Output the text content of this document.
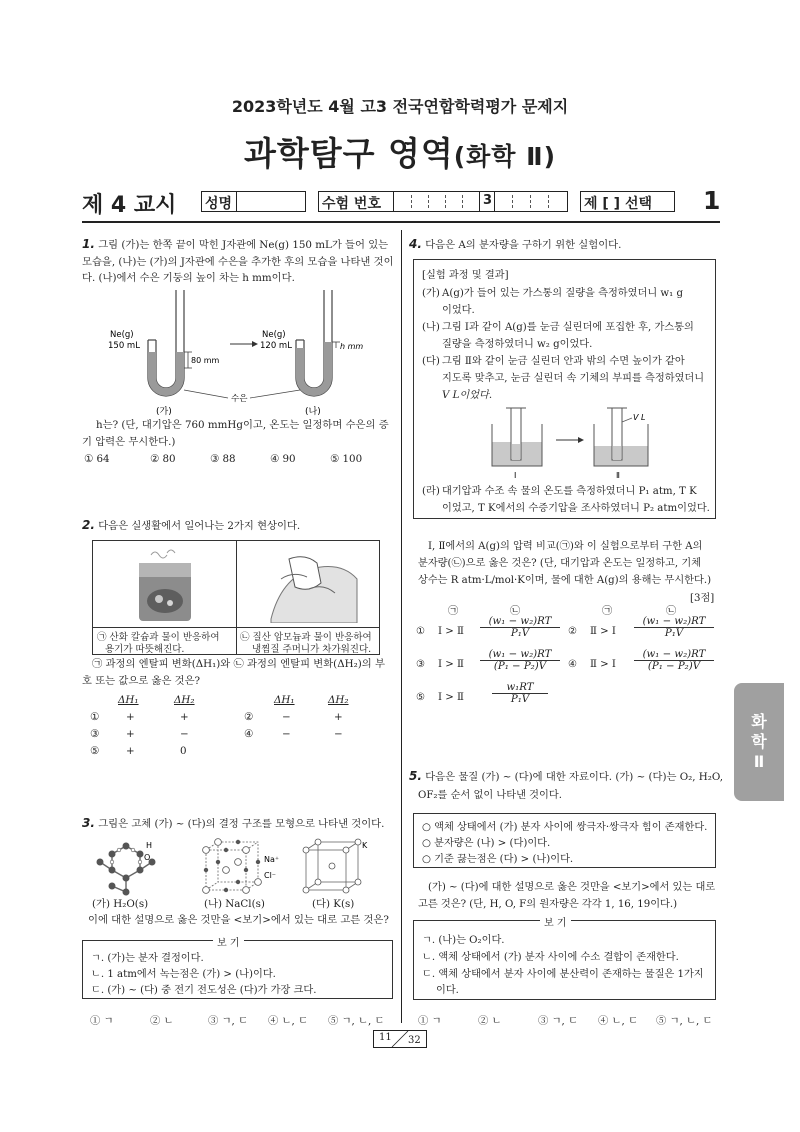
2023학년도 4월 고3 전국연합학력평가 문제지
과학탐구 영역(화학 Ⅱ)
제 4 교시 성명	수험 번호	3	제 [ ] 선택 1
1. 그림 (가)는 한쪽 끝이 막힌 J자관에 Ne(g) 150 mL가 들어 있는 모습을, (나)는 (가)의 J자관에 수은을 추가한 후의 모습을 나타낸 것이다. (나)에서 수은 기둥의 높이 차는 h mm이다.
Ne(g)
150 mL
80 mm
Ne(g)
120 mL	h mm
수은
(가)	(나)
h는? (단, 대기압은 760 mmHg이고, 온도는 일정하며 수은의 증기 압력은 무시한다.)
① 64	② 80	③ 88	④ 90	⑤ 100
2. 다음은 실생활에서 일어나는 2가지 현상이다.
㉠ 산화 칼슘과 물이 반응하여
용기가 따뜻해진다.
㉡ 질산 암모늄과 물이 반응하여
냉찜질 주머니가 차가워진다.
㉠ 과정의 엔탈피 변화(ΔH₁)와 ㉡ 과정의 엔탈피 변화(ΔH₂)의 부호 또는 값으로 옳은 것은?
ΔH₁	ΔH₂	ΔH₁	ΔH₂
①	+	+	②	−	+
③	+	−	④	−	−
⑤	+	0
3. 그림은 고체 (가) ~ (다)의 결정 구조를 모형으로 나타낸 것이다.
H
O	Na⁺
Cl⁻
K
(가) H₂O(s)	(나) NaCl(s)	(다) K(s)
이에 대한 설명으로 옳은 것만을 <보기>에서 있는 대로 고른 것은?
보 기
ㄱ. (가)는 분자 결정이다.
ㄴ. 1 atm에서 녹는점은 (가) > (나)이다.
ㄷ. (가) ~ (다) 중 전기 전도성은 (다)가 가장 크다.
① ㄱ	② ㄴ	③ ㄱ, ㄷ ④ ㄴ, ㄷ ⑤ ㄱ, ㄴ, ㄷ
4. 다음은 A의 분자량을 구하기 위한 실험이다.
[실험 과정 및 결과]
(가) A(g)가 들어 있는 가스통의 질량을 측정하였더니 w₁ g
이었다.
(나) 그림 Ⅰ과 같이 A(g)를 눈금 실린더에 포집한 후, 가스통의
질량을 측정하였더니 w₂ g이었다.
(다) 그림 Ⅱ와 같이 눈금 실린더 안과 밖의 수면 높이가 같아
지도록 맞추고, 눈금 실린더 속 기체의 부피를 측정하였더니
V L이었다.
V L
Ⅰ	Ⅱ
(라) 대기압과 수조 속 물의 온도를 측정하였더니 P₁ atm, T K
이었고, T K에서의 수증기압을 조사하였더니 P₂ atm이었다.
Ⅰ, Ⅱ에서의 A(g)의 압력 비교(㉠)와 이 실험으로부터 구한 A의
분자량(㉡)으로 옳은 것은? (단, 대기압과 온도는 일정하고, 기체
상수는 R atm·L/mol·K이며, 물에 대한 A(g)의 용해는 무시한다.)
[3점]
㉠	㉡	㉠	㉡
① Ⅰ > Ⅱ $\frac{\text{(w₁ − w₂)RT}}{\text{P₁V}}$ ② Ⅱ > Ⅰ $\frac{\text{(w₁ − w₂)RT}}{\text{P₁V}}$
③ Ⅰ > Ⅱ $\frac{\text{(w₁ − w₂)RT}}{\text{(P₁ − P₂)V}}$ ④ Ⅱ > Ⅰ $\frac{\text{(w₁ − w₂)RT}}{\text{(P₁ − P₂)V}}$
⑤ Ⅰ > Ⅱ	$\frac{\text{w₁RT}}{\text{P₁V}}$
5. 다음은 물질 (가) ~ (다)에 대한 자료이다. (가) ~ (다)는 O₂, H₂O,
OF₂를 순서 없이 나타낸 것이다.
○ 액체 상태에서 (가) 분자 사이에 쌍극자·쌍극자 힘이 존재한다.
○ 분자량은 (나) > (다)이다.
○ 기준 끓는점은 (다) > (나)이다.
(가) ~ (다)에 대한 설명으로 옳은 것만을 <보기>에서 있는 대로
고른 것은? (단, H, O, F의 원자량은 각각 1, 16, 19이다.)
보 기
ㄱ. (나)는 O₂이다.
ㄴ. 액체 상태에서 (가) 분자 사이에 수소 결합이 존재한다.
ㄷ. 액체 상태에서 분자 사이에 분산력이 존재하는 물질은 1가지
이다.
① ㄱ	② ㄴ	③ ㄱ, ㄷ ④ ㄴ, ㄷ ⑤ ㄱ, ㄴ, ㄷ
화
학
Ⅱ
11 32
